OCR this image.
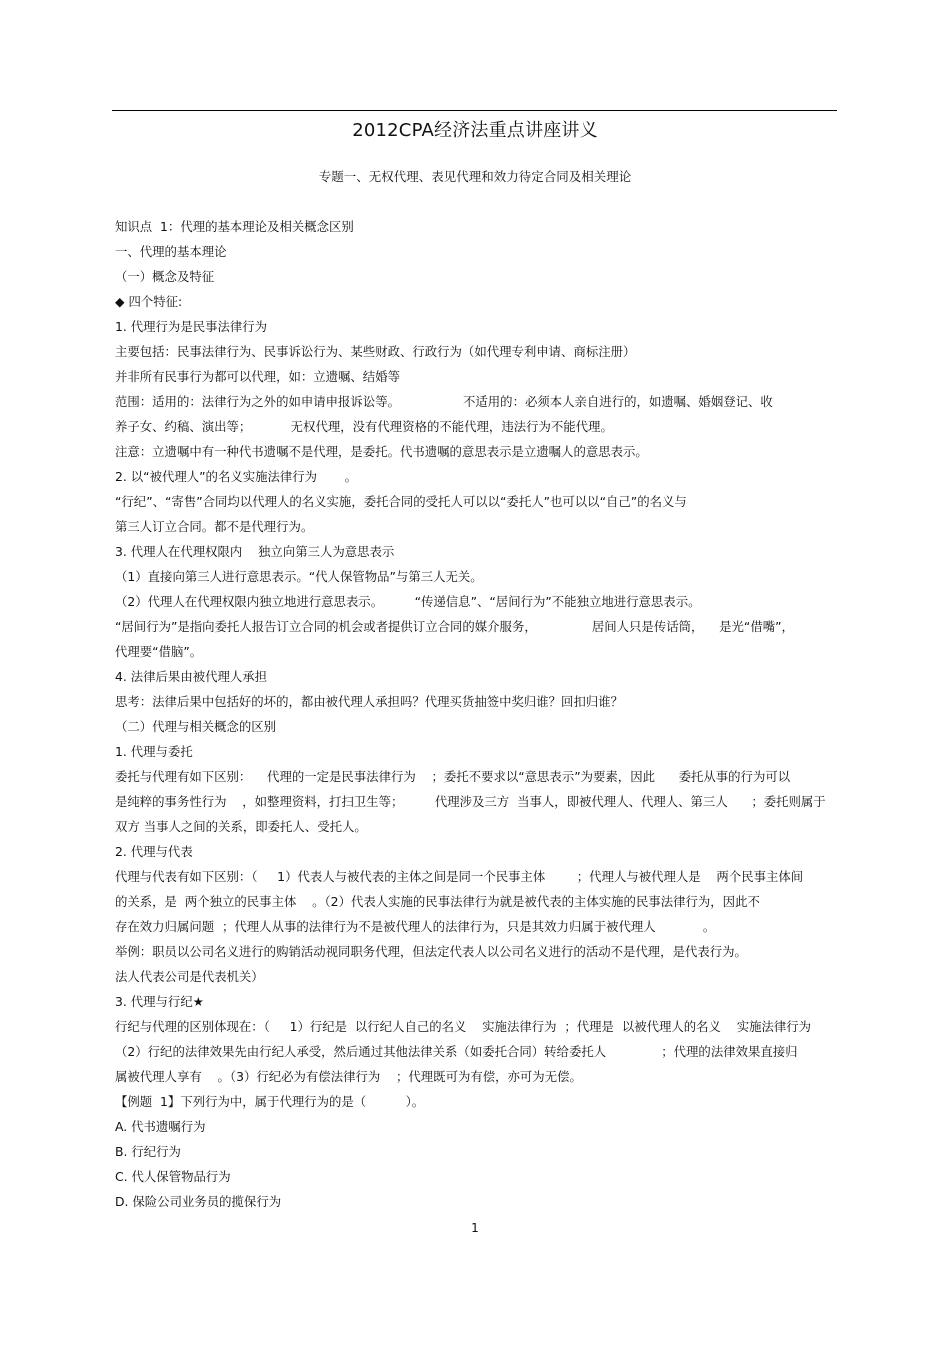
2012CPA经济法重点讲座讲义
专题一、无权代理、表见代理和效力待定合同及相关理论
知识点  1：代理的基本理论及相关概念区别
一、代理的基本理论
（一）概念及特征
◆ 四个特征:
1. 代理行为是民事法律行为
主要包括：民事法律行为、民事诉讼行为、某些财政、行政行为（如代理专利申请、商标注册）
并非所有民事行为都可以代理，如：立遗嘱、结婚等
范围：适用的：法律行为之外的如申请申报诉讼等。                不适用的：必须本人亲自进行的，如遗嘱、婚姻登记、收
养子女、约稿、演出等；          无权代理，没有代理资格的不能代理，违法行为不能代理。
注意：立遗嘱中有一种代书遗嘱不是代理，是委托。代书遗嘱的意思表示是立遗嘱人的意思表示。
2. 以“被代理人”的名义实施法律行为       。
“行纪”、“寄售”合同均以代理人的名义实施，委托合同的受托人可以以“委托人”也可以以“自己”的名义与
第三人订立合同。都不是代理行为。
3. 代理人在代理权限内    独立向第三人为意思表示
（1）直接向第三人进行意思表示。“代人保管物品”与第三人无关。
（2）代理人在代理权限内独立地进行意思表示。        “传递信息”、“居间行为”不能独立地进行意思表示。
“居间行为”是指向委托人报告订立合同的机会或者提供订立合同的媒介服务，              居间人只是传话筒，    是光“借嘴”，
代理要“借脑”。
4. 法律后果由被代理人承担
思考：法律后果中包括好的坏的，都由被代理人承担吗？代理买货抽签中奖归谁？回扣归谁？
（二）代理与相关概念的区别
1. 代理与委托
委托与代理有如下区别：    代理的一定是民事法律行为    ；委托不要求以“意思表示”为要素，因此      委托从事的行为可以
是纯粹的事务性行为    ，如整理资料，打扫卫生等；        代理涉及三方  当事人，即被代理人、代理人、第三人      ；委托则属于
双方 当事人之间的关系，即委托人、受托人。
2. 代理与代表
代理与代表有如下区别：（     1）代表人与被代表的主体之间是同一个民事主体        ；代理人与被代理人是    两个民事主体间
的关系，是  两个独立的民事主体    。（2）代表人实施的民事法律行为就是被代表的主体实施的民事法律行为，因此不
存在效力归属问题  ；代理人从事的法律行为不是被代理人的法律行为，只是其效力归属于被代理人            。
举例：职员以公司名义进行的购销活动视同职务代理，但法定代表人以公司名义进行的活动不是代理，是代表行为。
法人代表公司是代表机关）
3. 代理与行纪★
行纪与代理的区别体现在：（     1）行纪是  以行纪人自己的名义    实施法律行为  ；代理是  以被代理人的名义    实施法律行为
（2）行纪的法律效果先由行纪人承受，然后通过其他法律关系（如委托合同）转给委托人              ；代理的法律效果直接归
属被代理人享有    。（3）行纪必为有偿法律行为    ；代理既可为有偿，亦可为无偿。
【例题  1】下列行为中，属于代理行为的是（          ）。
A. 代书遗嘱行为
B. 行纪行为
C. 代人保管物品行为
D. 保险公司业务员的揽保行为
1
